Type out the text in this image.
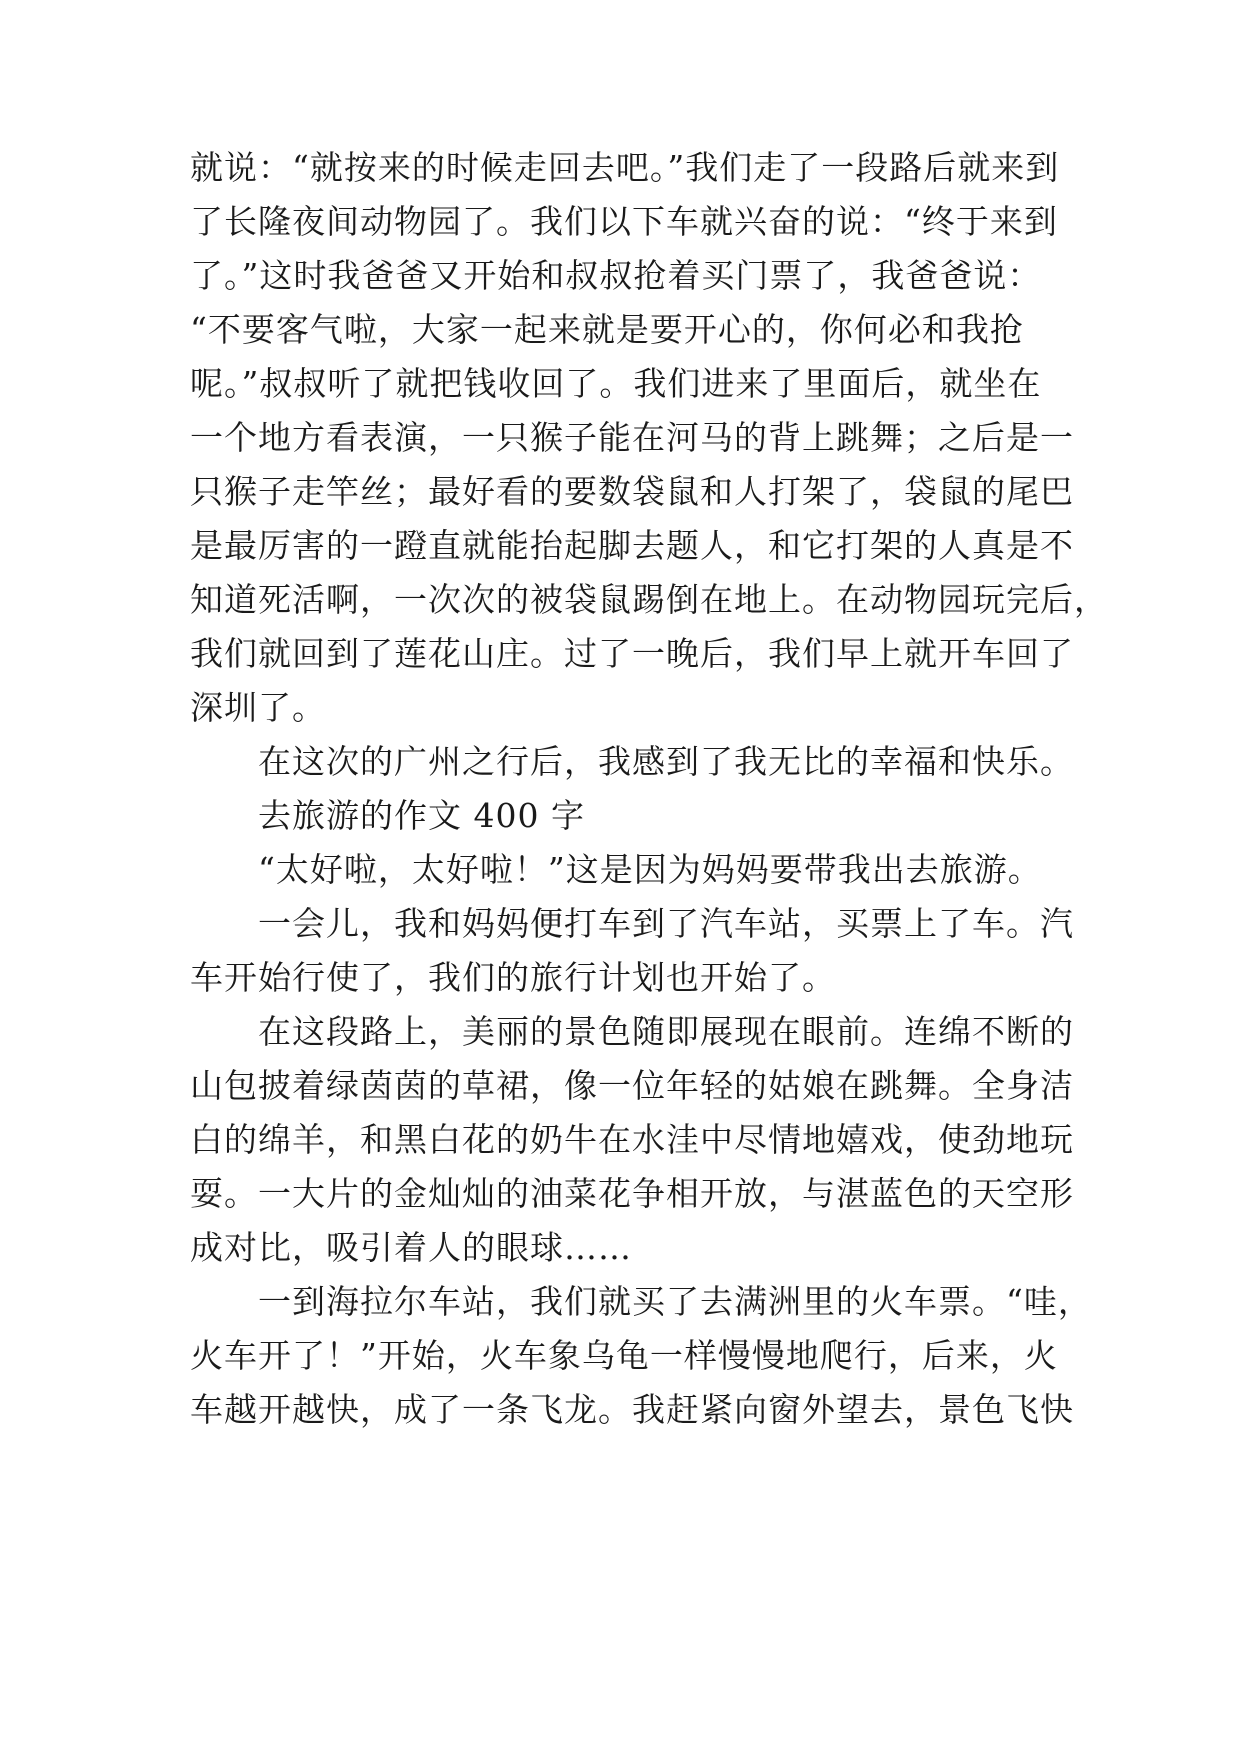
就说：“就按来的时候走回去吧。”我们走了一段路后就来到
了长隆夜间动物园了。我们以下车就兴奋的说：“终于来到
了。”这时我爸爸又开始和叔叔抢着买门票了，我爸爸说：
“不要客气啦，大家一起来就是要开心的，你何必和我抢
呢。”叔叔听了就把钱收回了。我们进来了里面后，就坐在
一个地方看表演，一只猴子能在河马的背上跳舞；之后是一
只猴子走竿丝；最好看的要数袋鼠和人打架了，袋鼠的尾巴
是最厉害的一蹬直就能抬起脚去题人，和它打架的人真是不
知道死活啊，一次次的被袋鼠踢倒在地上。在动物园玩完后，
我们就回到了莲花山庄。过了一晚后，我们早上就开车回了
深圳了。
在这次的广州之行后，我感到了我无比的幸福和快乐。
去旅游的作文 400 字
“太好啦，太好啦！”这是因为妈妈要带我出去旅游。
一会儿，我和妈妈便打车到了汽车站，买票上了车。汽
车开始行使了，我们的旅行计划也开始了。
在这段路上，美丽的景色随即展现在眼前。连绵不断的
山包披着绿茵茵的草裙，像一位年轻的姑娘在跳舞。全身洁
白的绵羊，和黑白花的奶牛在水洼中尽情地嬉戏，使劲地玩
耍。一大片的金灿灿的油菜花争相开放，与湛蓝色的天空形
成对比，吸引着人的眼球……
一到海拉尔车站，我们就买了去满洲里的火车票。“哇，
火车开了！”开始，火车象乌龟一样慢慢地爬行，后来，火
车越开越快，成了一条飞龙。我赶紧向窗外望去，景色飞快
